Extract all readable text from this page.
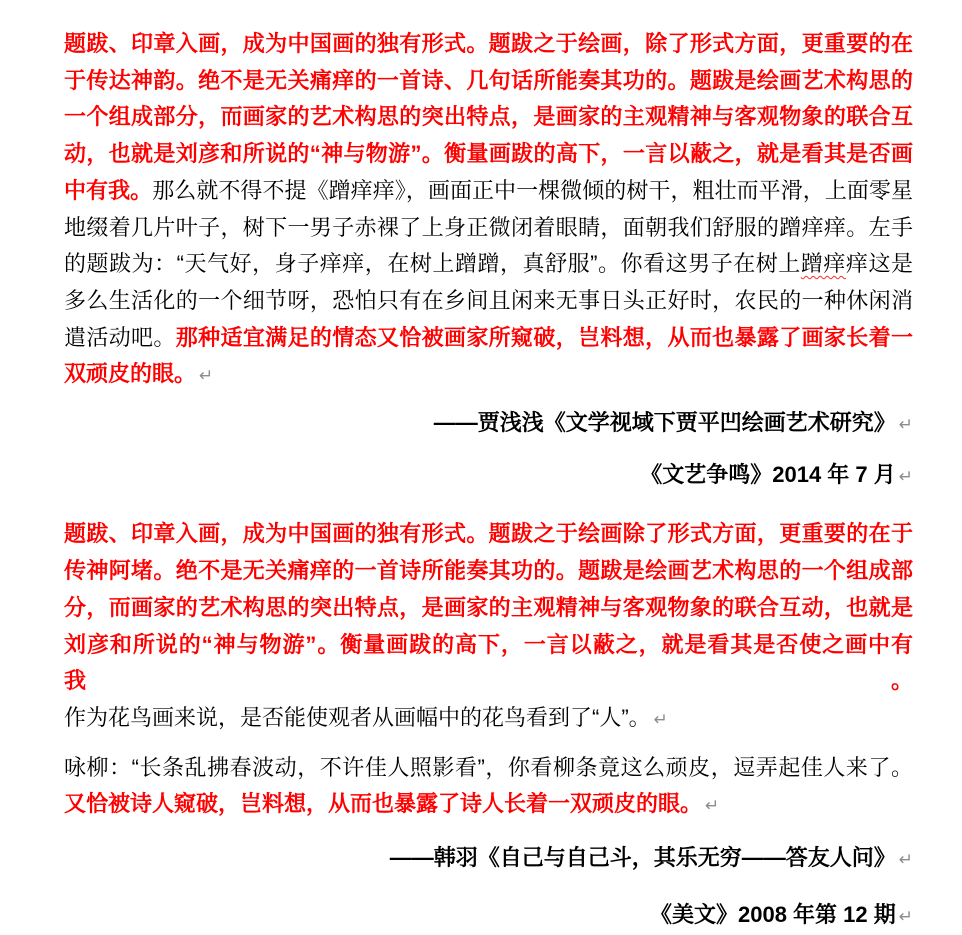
题跋、印章入画，成为中国画的独有形式。题跋之于绘画，除了形式方面，更重要的在
于传达神韵。绝不是无关痛痒的一首诗、几句话所能奏其功的。题跋是绘画艺术构思的
一个组成部分，而画家的艺术构思的突出特点，是画家的主观精神与客观物象的联合互
动，也就是刘彦和所说的“神与物游”。衡量画跋的高下，一言以蔽之，就是看其是否画
中有我。那么就不得不提《蹭痒痒》，画面正中一棵微倾的树干，粗壮而平滑，上面零星
地缀着几片叶子，树下一男子赤裸了上身正微闭着眼睛，面朝我们舒服的蹭痒痒。左手
的题跋为：“天气好，身子痒痒，在树上蹭蹭，真舒服”。你看这男子在树上蹭痒痒这是
多么生活化的一个细节呀，恐怕只有在乡间且闲来无事日头正好时，农民的一种休闲消
遣活动吧。那种适宜满足的情态又恰被画家所窥破，岂料想，从而也暴露了画家长着一
双顽皮的眼。 ↵
——贾浅浅《文学视域下贾平凹绘画艺术研究》 ↵
《文艺争鸣》2014 年 7 月 ↵
题跋、印章入画，成为中国画的独有形式。题跋之于绘画除了形式方面，更重要的在于
传神阿堵。绝不是无关痛痒的一首诗所能奏其功的。题跋是绘画艺术构思的一个组成部
分，而画家的艺术构思的突出特点，是画家的主观精神与客观物象的联合互动，也就是
刘彦和所说的“神与物游”。衡量画跋的高下，一言以蔽之，就是看其是否使之画中有我。
作为花鸟画来说，是否能使观者从画幅中的花鸟看到了“人”。 ↵
咏柳：“长条乱拂春波动，不许佳人照影看”，你看柳条竟这么顽皮，逗弄起佳人来了。
又恰被诗人窥破，岂料想，从而也暴露了诗人长着一双顽皮的眼。 ↵
——韩羽《自己与自己斗，其乐无穷——答友人问》 ↵
《美文》2008 年第 12 期 ↵
